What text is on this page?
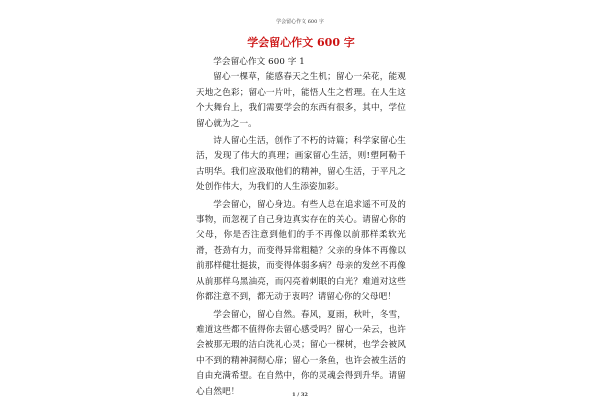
学会留心作文 600 字
学会留心作文 600 字

学会留心作文 600 字 1

留心一棵草，能感春天之生机；留心一朵花，能观天地之色彩；留心一片叶，能悟人生之哲理。在人生这个大舞台上，我们需要学会的东西有很多，其中，学位留心就为之一。

诗人留心生活，创作了不朽的诗篇；科学家留心生活，发现了伟大的真理；画家留心生活，则!塑阿勒千古明华。我们应汲取他们的精神，留心生活，于平凡之处创作伟大，为我们的人生添姿加彩。

学会留心，留心身边。有些人总在追求遥不可及的事物，而忽视了自己身边真实存在的关心。请留心你的父母，你是否注意到他们的手不再像以前那样柔软光滑，苍劲有力，而变得异常粗糙？父亲的身体不再像以前那样健壮挺拔，而变得体弱多病？母亲的发丝不再像从前那样乌黑油亮，而闪亮着刺眼的白光？难道对这些你都注意不到，都无动于衷吗？请留心你的父母吧！

学会留心，留心自然。春风，夏雨，秋叶，冬雪，难道这些都不值得你去留心感受吗？留心一朵云，也许会被那无瑕的洁白洗礼心灵；留心一棵树，也学会被风中不到的精神洞彻心扉；留心一条鱼，也许会被生活的自由充满希望。在自然中，你的灵魂会得到升华。请留心自然吧！	1 / 32
